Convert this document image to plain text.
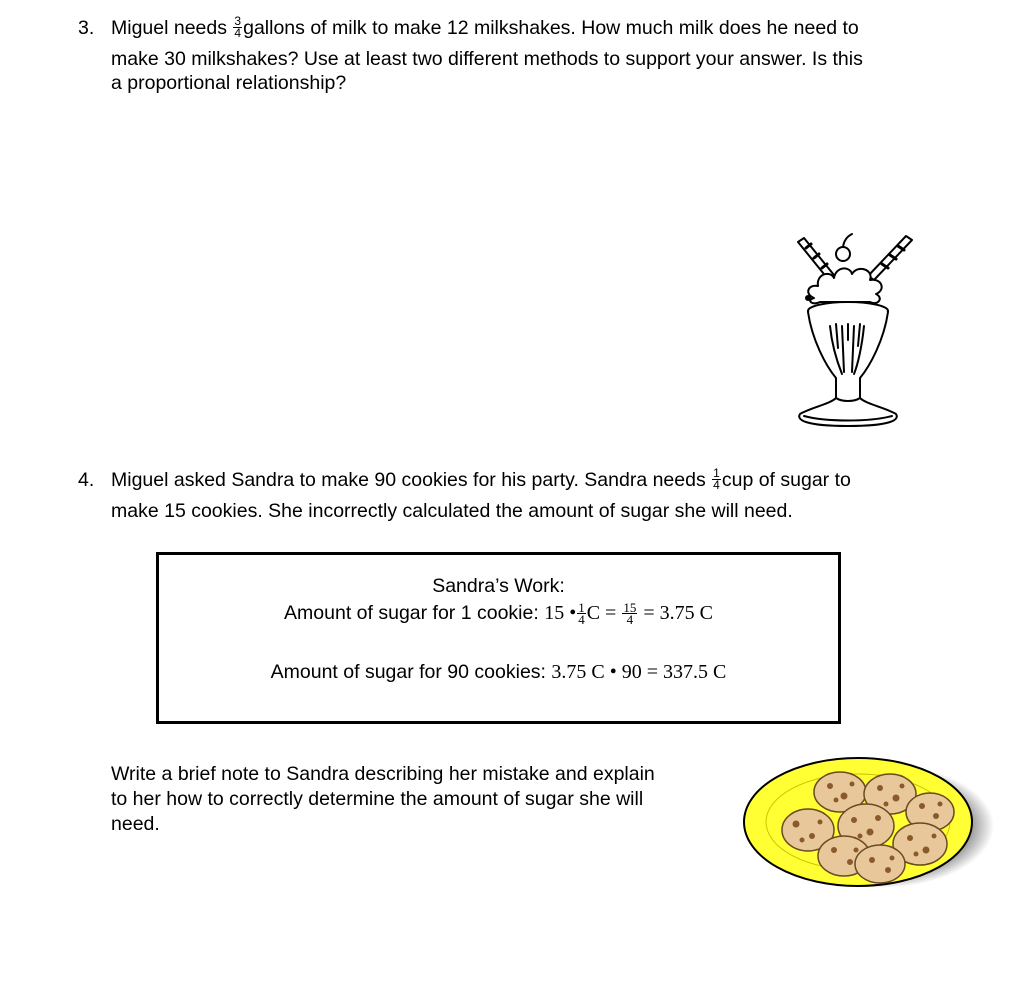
3. Miguel needs $\frac{3}{4}$ gallons of milk to make 12 milkshakes. How much milk does he need to
make 30 milkshakes? Use at least two different methods to support your answer. Is this
a proportional relationship?
4. Miguel asked Sandra to make 90 cookies for his party. Sandra needs $\frac{1}{4}$ cup of sugar to
make 15 cookies. She incorrectly calculated the amount of sugar she will need.
Sandra’s Work:
Amount of sugar for 1 cookie: 15 • $\frac{1}{4}$ $C = \frac{15}{4} = 3.75$ C
Amount of sugar for 90 cookies: 3.75 C • 90 = 337.5 C
Write a brief note to Sandra describing her mistake and explain
to her how to correctly determine the amount of sugar she will
need.
